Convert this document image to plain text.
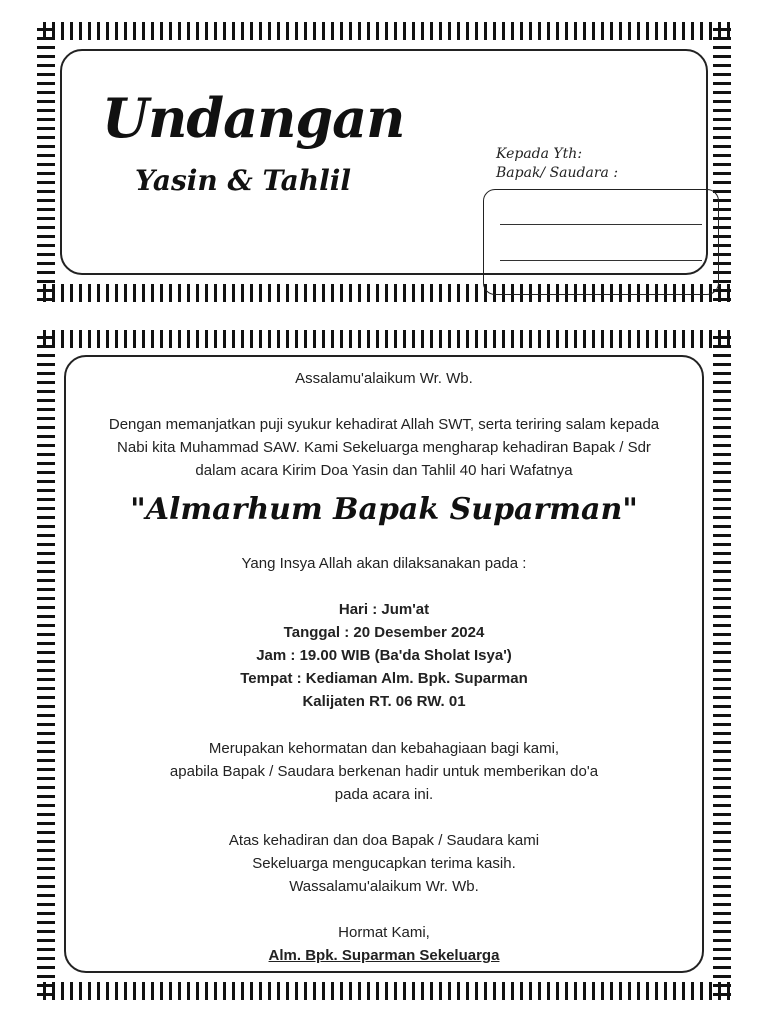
Undangan
Yasin & Tahlil
Kepada Yth:
Bapak/ Saudara :
Assalamu'alaikum Wr. Wb.
Dengan memanjatkan puji syukur kehadirat Allah SWT, serta teriring salam kepada
Nabi kita Muhammad SAW. Kami Sekeluarga mengharap kehadiran Bapak / Sdr
dalam acara Kirim Doa Yasin dan Tahlil 40 hari Wafatnya
"Almarhum Bapak Suparman"
Yang Insya Allah akan dilaksanakan pada :
Hari : Jum'at
Tanggal : 20 Desember 2024
Jam : 19.00 WIB (Ba'da Sholat Isya')
Tempat : Kediaman Alm. Bpk. Suparman
Kalijaten RT. 06 RW. 01
Merupakan kehormatan dan kebahagiaan bagi kami,
apabila Bapak / Saudara berkenan hadir untuk memberikan do'a
pada acara ini.
Atas kehadiran dan doa Bapak / Saudara kami
Sekeluarga mengucapkan terima kasih.
Wassalamu'alaikum Wr. Wb.
Hormat Kami,
Alm. Bpk. Suparman Sekeluarga
